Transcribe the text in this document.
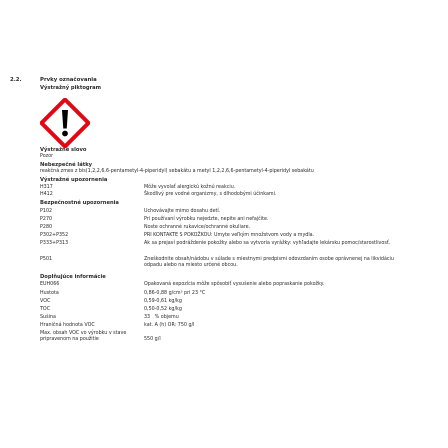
2.2.	Prvky označovania
Výstražný piktogram
Výstražné slovo
Pozor
Nebezpečné látky
reakčná zmes z bis(1,2,2,6,6-pentametyl-4-piperidyl) sebakátu a metyl 1,2,2,6,6-pentametyl-4-piperidyl sebakátu
Výstražné upozornenia
H317	Môže vyvolať alergickú kožnú reakciu.
H412	Škodlivý pre vodné organizmy, s dlhodobými účinkami.
Bezpečnostné upozornenia
P102	Uchovávajte mimo dosahu detí.
P270	Pri používaní výrobku nejedzte, nepite ani nefajčite.
P280	Noste ochranné rukavice/ochranné okuliare.
P302+P352	PRI KONTAKTE S POKOŽKOU: Umyte veľkým množstvom vody a mydla.
P333+P313	Ak sa prejaví podráždenie pokožky alebo sa vytvoria vyrážky: vyhľadajte lekársku pomoc/starostlivosť.
P501	Zneškodnite obsah/nádobu v súlade s miestnymi predpismi odovzdaním osobe oprávnenej na likvidáciu odpadu alebo na miesto určené obcou.
Doplňujúce informácie
EUH066	Opakovaná expozícia môže spôsobiť vysušenie alebo popraskanie pokožky.
Hustota	0,86-0,88 g/cm³ pri 23 °C
VOC	0,59-0,61 kg/kg
TOC	0,50-0,52 kg/kg
Sušina	33   % objemu
Hraničná hodnota VOC	kat. A (h) OR: 750 g/l
Max. obsah VOC vo výrobku v stave pripravenom na použitie	550 g/l
